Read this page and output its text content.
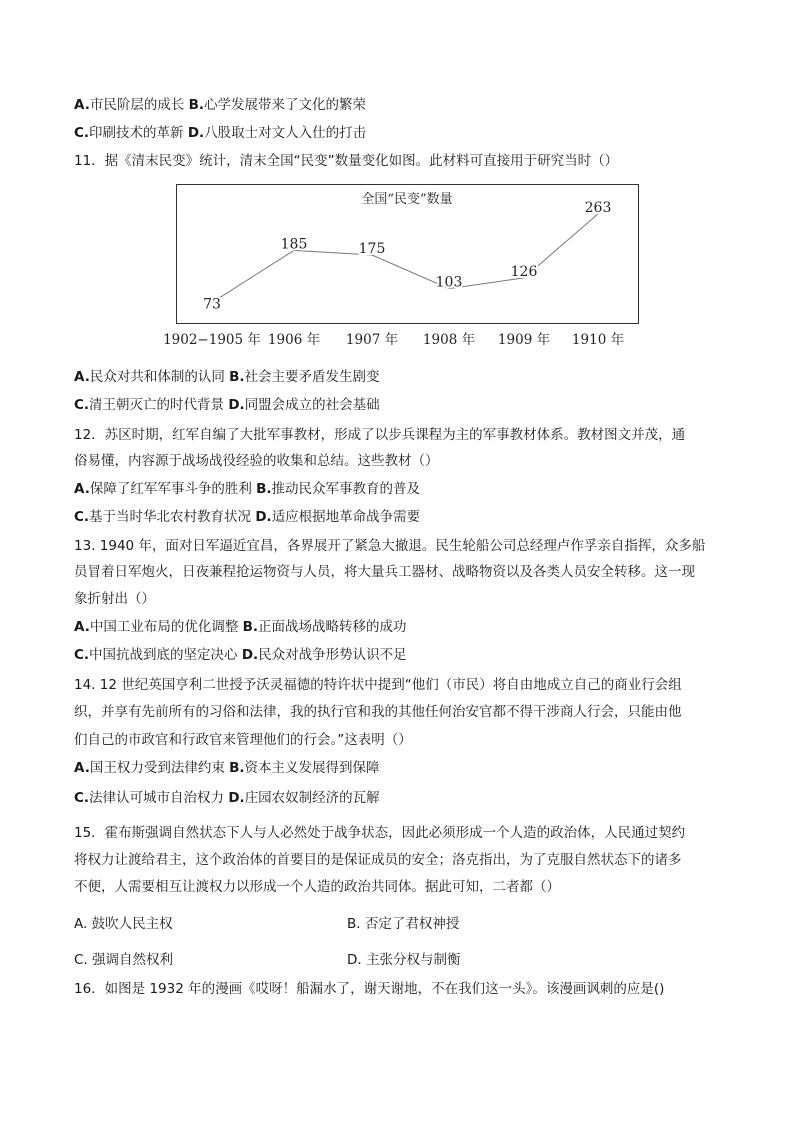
A.市民阶层的成长 B.心学发展带来了文化的繁荣
C.印刷技术的革新 D.八股取士对文人入仕的打击
11．据《清末民变》统计，清末全国“民变”数量变化如图。此材料可直接用于研究当时（）
全国“民变”数量
73
185	175
103
126
263
1902−1905 年 1906 年 1907 年 1908 年 1909 年 1910 年
A.民众对共和体制的认同 B.社会主要矛盾发生剧变
C.清王朝灭亡的时代背景 D.同盟会成立的社会基础
12．苏区时期，红军自编了大批军事教材，形成了以步兵课程为主的军事教材体系。教材图文并茂，通
俗易懂，内容源于战场战役经验的收集和总结。这些教材（）
A.保障了红军军事斗争的胜利 B.推动民众军事教育的普及
C.基于当时华北农村教育状况 D.适应根据地革命战争需要
13. 1940 年，面对日军逼近宜昌，各界展开了紧急大撤退。民生轮船公司总经理卢作孚亲自指挥，众多船
员冒着日军炮火，日夜兼程抢运物资与人员，将大量兵工器材、战略物资以及各类人员安全转移。这一现
象折射出（）
A.中国工业布局的优化调整 B.正面战场战略转移的成功
C.中国抗战到底的坚定决心 D.民众对战争形势认识不足
14. 12 世纪英国亨利二世授予沃灵福德的特许状中提到“他们（市民）将自由地成立自己的商业行会组
织，并享有先前所有的习俗和法律，我的执行官和我的其他任何治安官都不得干涉商人行会，只能由他
们自己的市政官和行政官来管理他们的行会。”这表明（）
A.国王权力受到法律约束 B.资本主义发展得到保障
C.法律认可城市自治权力 D.庄园农奴制经济的瓦解
15．霍布斯强调自然状态下人与人必然处于战争状态，因此必须形成一个人造的政治体，人民通过契约
将权力让渡给君主，这个政治体的首要目的是保证成员的安全；洛克指出，为了克服自然状态下的诸多
不便，人需要相互让渡权力以形成一个人造的政治共同体。据此可知，二者都（）
A. 鼓吹人民主权	B. 否定了君权神授
C. 强调自然权利	D. 主张分权与制衡
16．如图是 1932 年的漫画《哎呀！船漏水了，谢天谢地，不在我们这一头》。该漫画讽刺的应是()
